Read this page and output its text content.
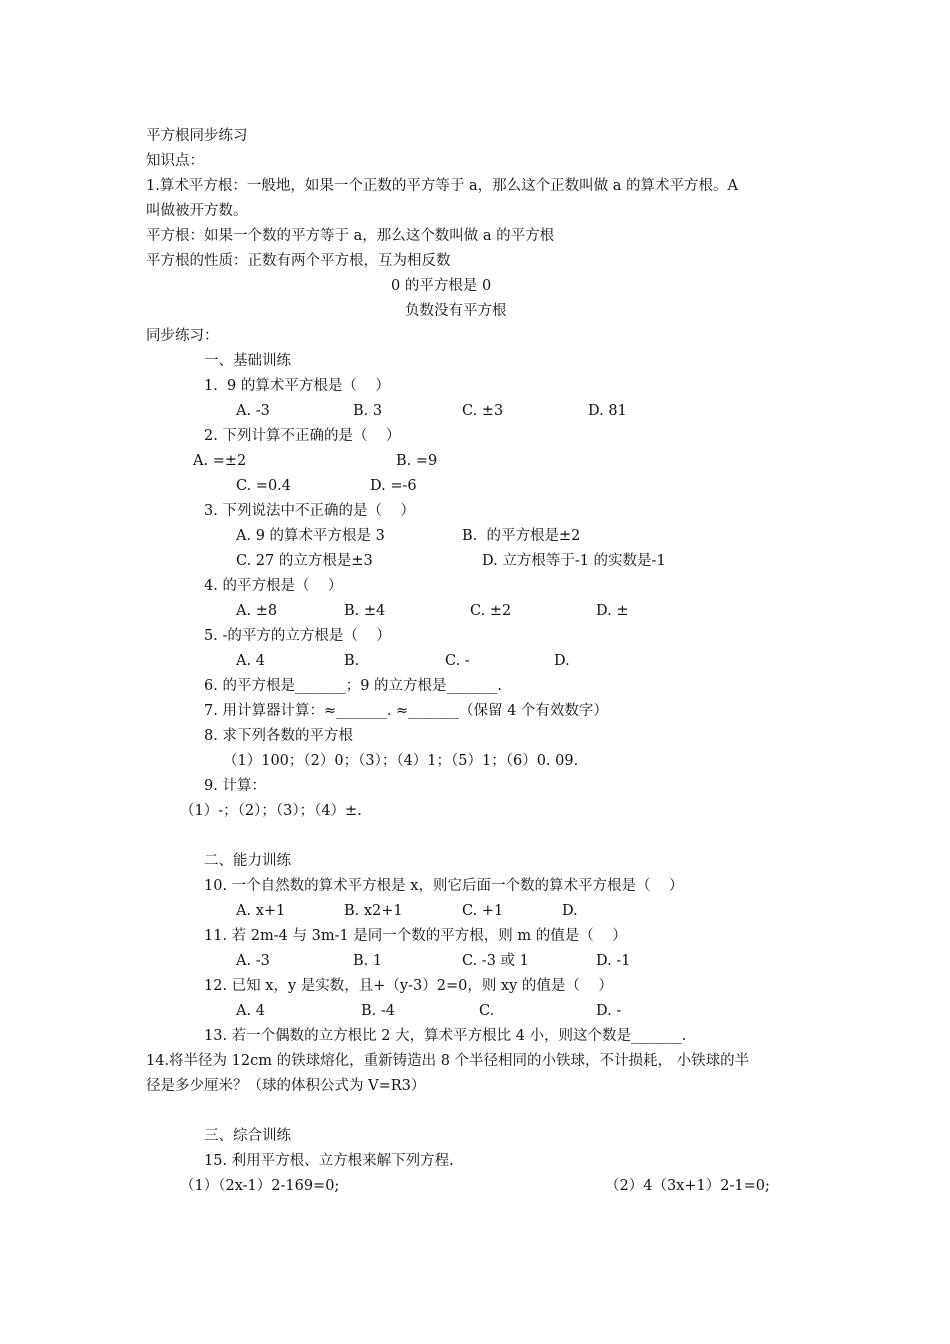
平方根同步练习
知识点：
1.算术平方根：一般地，如果一个正数的平方等于 a，那么这个正数叫做 a 的算术平方根。A
叫做被开方数。
平方根：如果一个数的平方等于 a，那么这个数叫做 a 的平方根
平方根的性质：正数有两个平方根，互为相反数
0 的平方根是 0
负数没有平方根
同步练习：
一、基础训练
1.  9 的算术平方根是（    ）
A. -3	B. 3	C. ±3	D. 81
2. 下列计算不正确的是（    ）
A. =±2	B. =9
C. =0.4	D. =-6
3. 下列说法中不正确的是（    ）
A. 9 的算术平方根是 3	B.  的平方根是±2
C. 27 的立方根是±3	D. 立方根等于-1 的实数是-1
4. 的平方根是（    ）
A. ±8	B. ±4	C. ±2	D. ±
5. -的平方的立方根是（    ）
A. 4	B.	C. -	D.
6. 的平方根是_______；9 的立方根是_______.
7. 用计算器计算：≈_______. ≈_______（保留 4 个有效数字）
8. 求下列各数的平方根
（1）100；（2）0；（3）；（4）1；（5）1；（6）0. 09.
9. 计算：
（1）-；（2）；（3）；（4）±.
二、能力训练
10. 一个自然数的算术平方根是 x，则它后面一个数的算术平方根是（    ）
A. x+1	B. x2+1	C. +1	D.
11. 若 2m-4 与 3m-1 是同一个数的平方根，则 m 的值是（    ）
A. -3	B. 1	C. -3 或 1	D. -1
12. 已知 x，y 是实数，且+（y-3）2=0，则 xy 的值是（    ）
A. 4	B. -4	C.	D. -
13. 若一个偶数的立方根比 2 大，算术平方根比 4 小，则这个数是_______.
14.将半径为 12cm 的铁球熔化，重新铸造出 8 个半径相同的小铁球，不计损耗， 小铁球的半
径是多少厘米？（球的体积公式为 V=R3）
三、综合训练
15. 利用平方根、立方根来解下列方程.
（1）（2x-1）2-169=0;	（2）4（3x+1）2-1=0;
